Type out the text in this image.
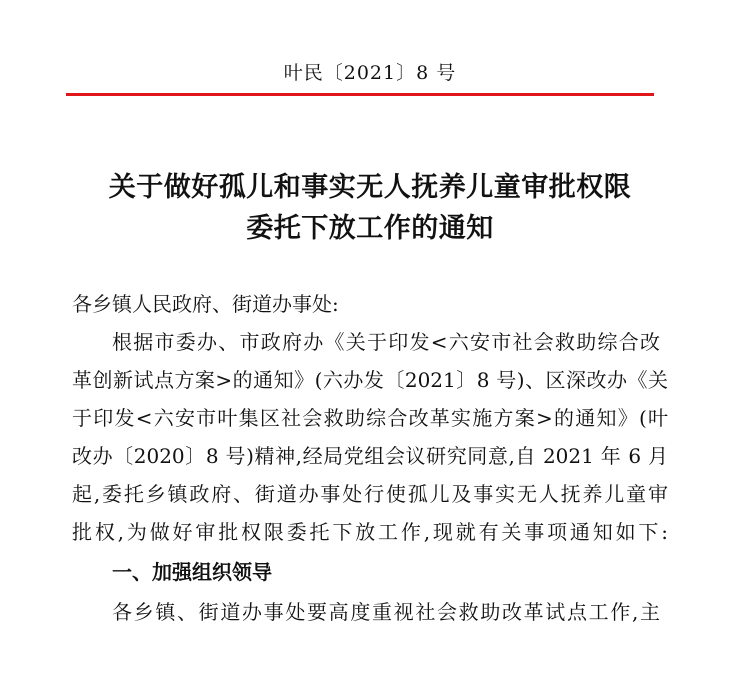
叶民〔2021〕8 号
关于做好孤儿和事实无人抚养儿童审批权限
委托下放工作的通知
各乡镇人民政府、街道办事处:
根据市委办、市政府办《关于印发<六安市社会救助综合改
革创新试点方案>的通知》(六办发〔2021〕8 号)、区深改办《关
于印发<六安市叶集区社会救助综合改革实施方案>的通知》(叶
改办〔2020〕8 号)精神,经局党组会议研究同意,自 2021 年 6 月
起,委托乡镇政府、街道办事处行使孤儿及事实无人抚养儿童审
批权,为做好审批权限委托下放工作,现就有关事项通知如下:
一、加强组织领导
各乡镇、街道办事处要高度重视社会救助改革试点工作,主
